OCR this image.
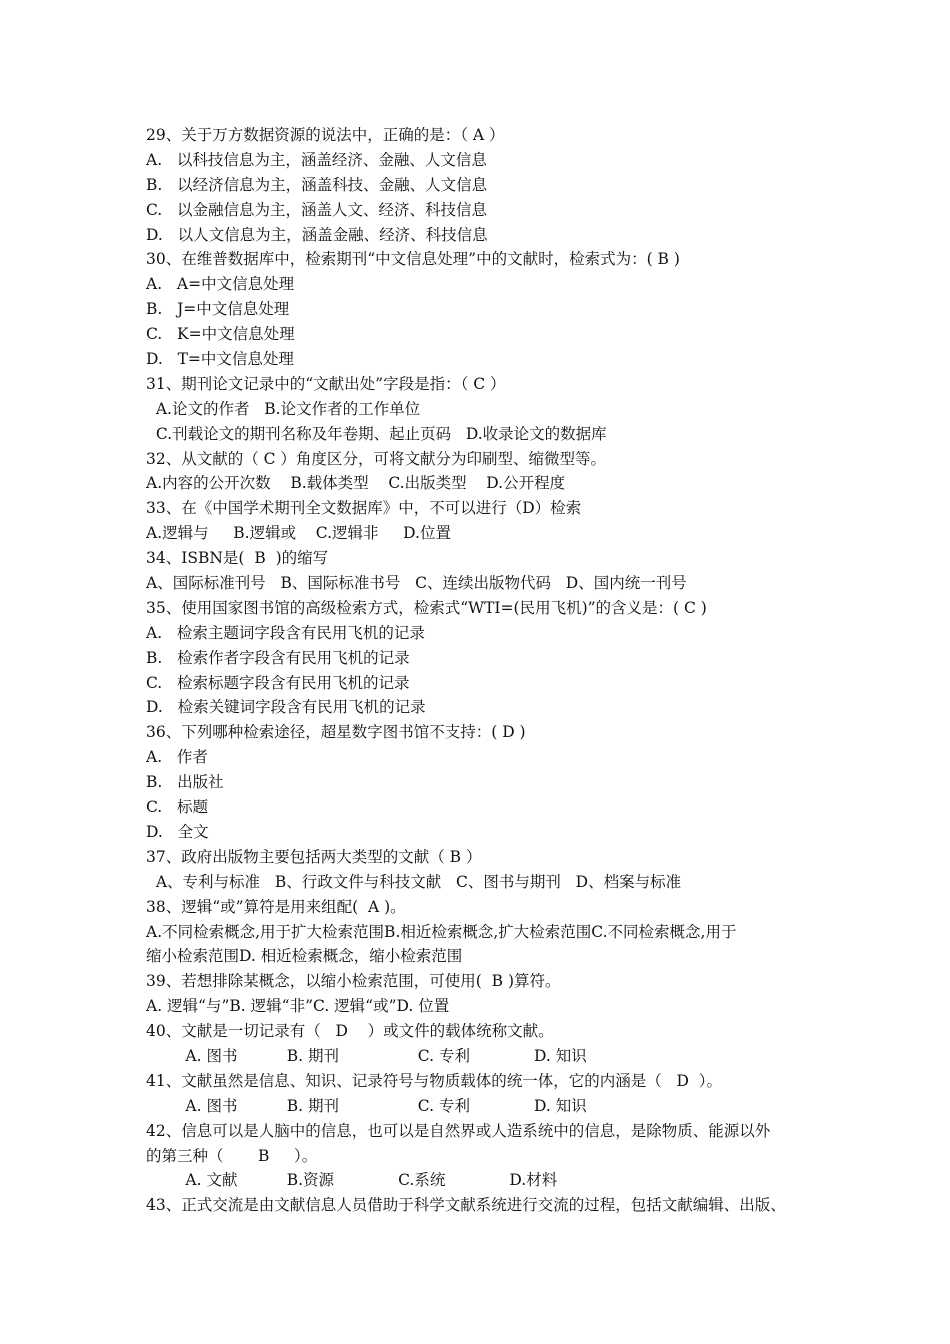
29、关于万方数据资源的说法中，正确的是：（ A ）
A.   以科技信息为主，涵盖经济、金融、人文信息
B.   以经济信息为主，涵盖科技、金融、人文信息
C.   以金融信息为主，涵盖人文、经济、科技信息
D.   以人文信息为主，涵盖金融、经济、科技信息
30、在维普数据库中，检索期刊“中文信息处理”中的文献时，检索式为：( B )
A.   A=中文信息处理
B.   J=中文信息处理
C.   K=中文信息处理
D.   T=中文信息处理
31、期刊论文记录中的“文献出处”字段是指：（ C ）
A.论文的作者   B.论文作者的工作单位
C.刊载论文的期刊名称及年卷期、起止页码   D.收录论文的数据库
32、从文献的（ C ）角度区分，可将文献分为印刷型、缩微型等。
A.内容的公开次数    B.载体类型    C.出版类型    D.公开程度
33、在《中国学术期刊全文数据库》中，不可以进行（D）检索
A.逻辑与     B.逻辑或    C.逻辑非     D.位置
34、ISBN是(  B  )的缩写
A、国际标准刊号   B、国际标准书号   C、连续出版物代码   D、国内统一刊号
35、使用国家图书馆的高级检索方式，检索式“WTI=(民用飞机)”的含义是：( C )
A.   检索主题词字段含有民用飞机的记录
B.   检索作者字段含有民用飞机的记录
C.   检索标题字段含有民用飞机的记录
D.   检索关键词字段含有民用飞机的记录
36、下列哪种检索途径，超星数字图书馆不支持：( D )
A.   作者
B.   出版社
C.   标题
D.   全文
37、政府出版物主要包括两大类型的文献（ B ）
A、专利与标准   B、行政文件与科技文献   C、图书与期刊   D、档案与标准
38、逻辑“或”算符是用来组配(  A )。
A.不同检索概念,用于扩大检索范围B.相近检索概念,扩大检索范围C.不同检索概念,用于
缩小检索范围D. 相近检索概念，缩小检索范围
39、若想排除某概念，以缩小检索范围，可使用(  B )算符。
A. 逻辑“与”B. 逻辑“非”C. 逻辑“或”D. 位置
40、文献是一切记录有（   D    ）或文件的载体统称文献。
A. 图书          B. 期刊                C. 专利             D. 知识
41、文献虽然是信息、知识、记录符号与物质载体的统一体，它的内涵是（   D  ）。
A. 图书          B. 期刊                C. 专利             D. 知识
42、信息可以是人脑中的信息，也可以是自然界或人造系统中的信息，是除物质、能源以外
的第三种（       B     ）。
A. 文献          B.资源             C.系统             D.材料
43、正式交流是由文献信息人员借助于科学文献系统进行交流的过程，包括文献编辑、出版、
